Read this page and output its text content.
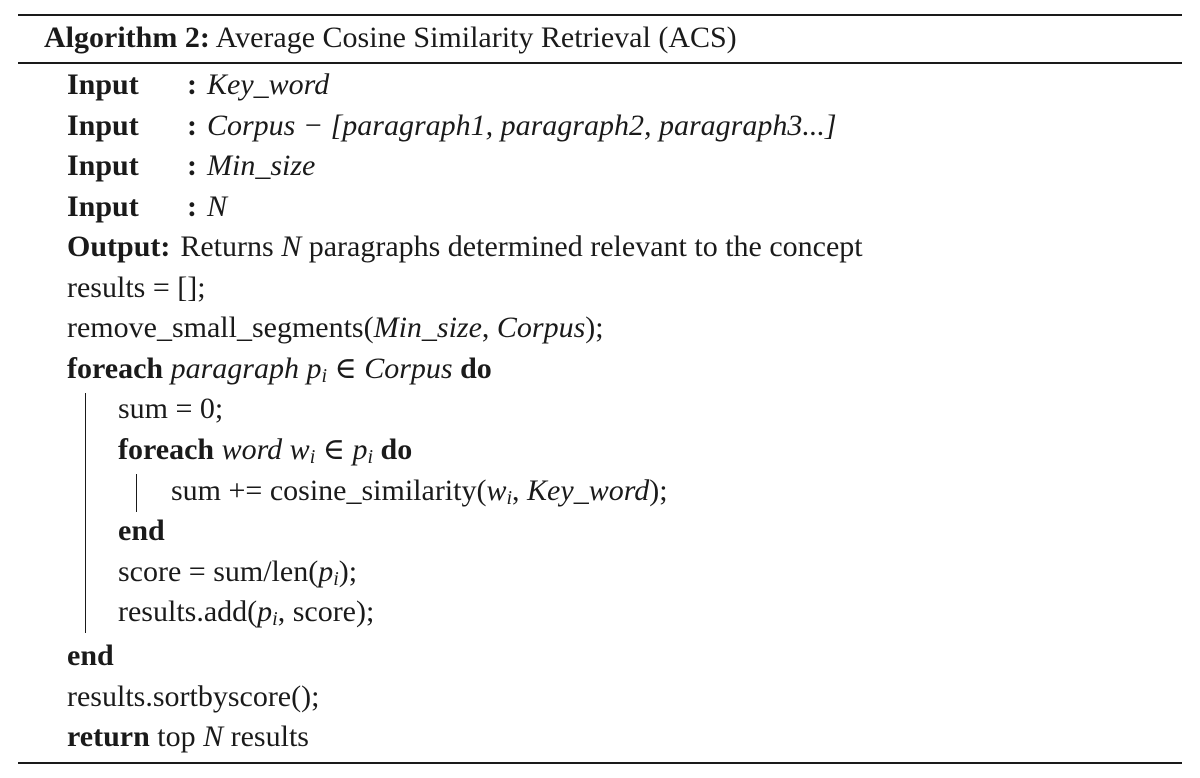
Algorithm 2: Average Cosine Similarity Retrieval (ACS)
Input : Key_word
Input : Corpus − [paragraph1, paragraph2, paragraph3...]
Input : Min_size
Input : N
Output: Returns N paragraphs determined relevant to the concept
results = [];
remove_small_segments(Min_size, Corpus);
foreach paragraph $p_i$ ∈ Corpus do
sum = 0;
foreach word $w_i$ ∈ $p_i$ do
sum += $cosine\_similarity(w_i$, Key_word);
end
score = sum/$len(p_i)$;
$results.add(p_i$, score);
end
results.sortbyscore();
return top N results
